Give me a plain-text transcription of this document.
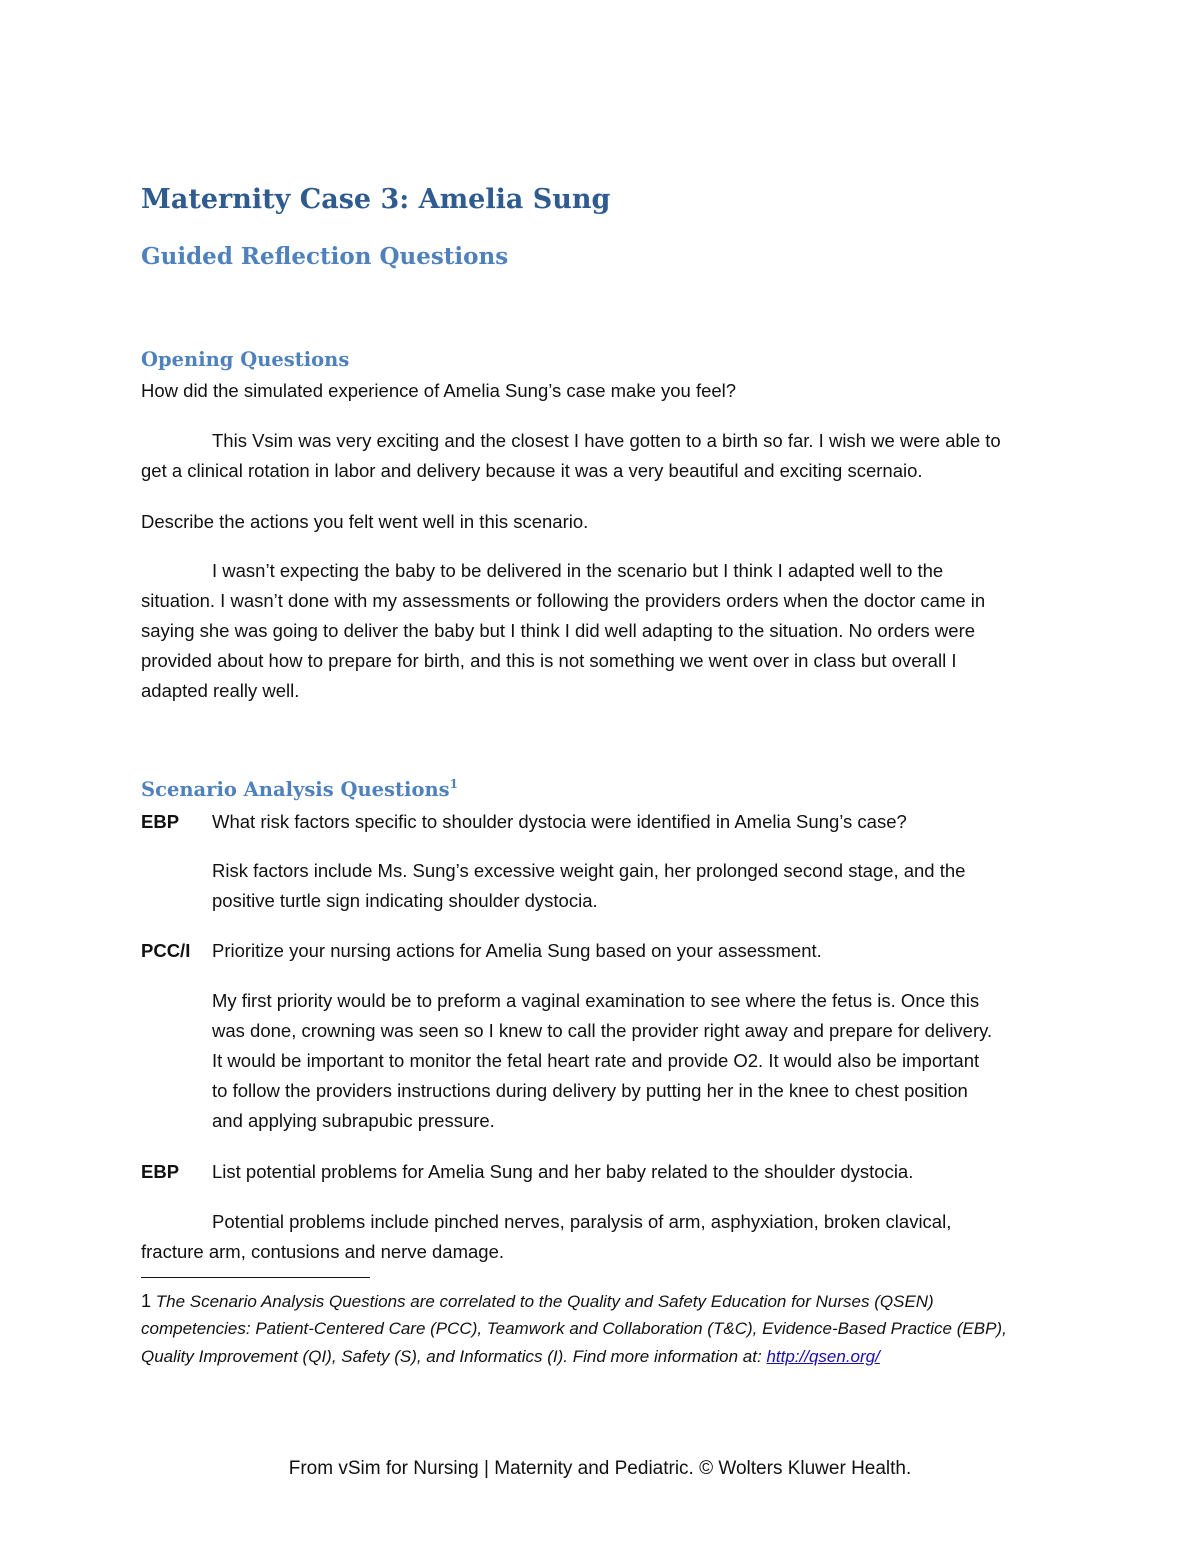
Maternity Case 3: Amelia Sung
Guided Reflection Questions
Opening Questions
How did the simulated experience of Amelia Sung’s case make you feel?
This Vsim was very exciting and the closest I have gotten to a birth so far. I wish we were able to
get a clinical rotation in labor and delivery because it was a very beautiful and exciting scernaio.
Describe the actions you felt went well in this scenario.
I wasn’t expecting the baby to be delivered in the scenario but I think I adapted well to the
situation. I wasn’t done with my assessments or following the providers orders when the doctor came in
saying she was going to deliver the baby but I think I did well adapting to the situation. No orders were
provided about how to prepare for birth, and this is not something we went over in class but overall I
adapted really well.
Scenario Analysis Questions$^1$
EBP What risk factors specific to shoulder dystocia were identified in Amelia Sung’s case?
Risk factors include Ms. Sung’s excessive weight gain, her prolonged second stage, and the
positive turtle sign indicating shoulder dystocia.
PCC/I Prioritize your nursing actions for Amelia Sung based on your assessment.
My first priority would be to preform a vaginal examination to see where the fetus is. Once this
was done, crowning was seen so I knew to call the provider right away and prepare for delivery.
It would be important to monitor the fetal heart rate and provide O2. It would also be important
to follow the providers instructions during delivery by putting her in the knee to chest position
and applying subrapubic pressure.
EBP List potential problems for Amelia Sung and her baby related to the shoulder dystocia.
Potential problems include pinched nerves, paralysis of arm, asphyxiation, broken clavical,
fracture arm, contusions and nerve damage.
1 The Scenario Analysis Questions are correlated to the Quality and Safety Education for Nurses (QSEN)
competencies: Patient-Centered Care (PCC), Teamwork and Collaboration (T&C), Evidence-Based Practice (EBP),
Quality Improvement (QI), Safety (S), and Informatics (I). Find more information at: http://qsen.org/
From vSim for Nursing | Maternity and Pediatric. © Wolters Kluwer Health.
